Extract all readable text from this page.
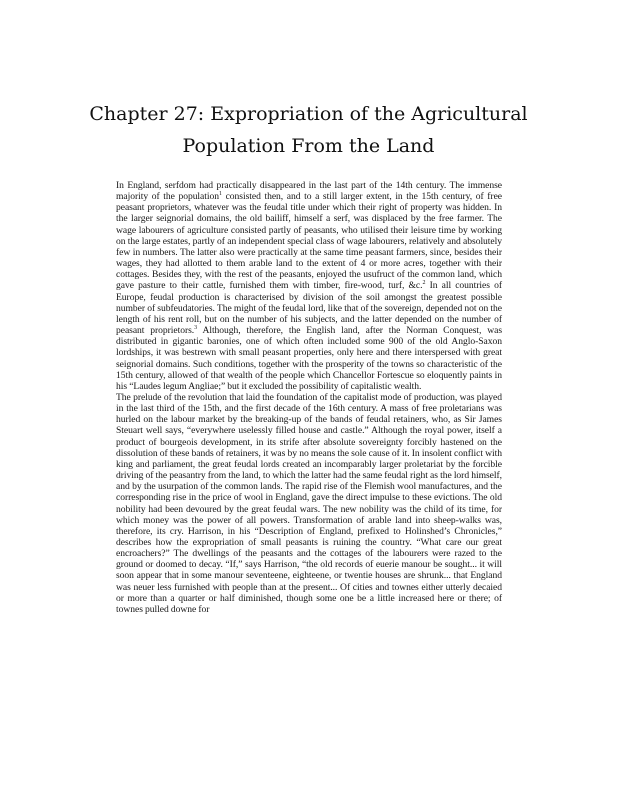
Chapter 27: Expropriation of the Agricultural
Population From the Land

In England, serfdom had practically disappeared in the last part of the 14th century. The immense majority of the population$^1$ consisted then, and to a still larger extent, in the 15th century, of free peasant proprietors, whatever was the feudal title under which their right of property was hidden. In the larger seignorial domains, the old bailiff, himself a serf, was displaced by the free farmer. The wage labourers of agriculture consisted partly of peasants, who utilised their leisure time by working on the large estates, partly of an independent special class of wage labourers, relatively and absolutely few in numbers. The latter also were practically at the same time peasant farmers, since, besides their wages, they had allotted to them arable land to the extent of 4 or more acres, together with their cottages. Besides they, with the rest of the peasants, enjoyed the usufruct of the common land, which gave pasture to their cattle, furnished them with timber, fire-wood, turf, &c.$^2$ In all countries of Europe, feudal production is characterised by division of the soil amongst the greatest possible number of subfeudatories. The might of the feudal lord, like that of the sovereign, depended not on the length of his rent roll, but on the number of his subjects, and the latter depended on the number of peasant proprietors.$^3$ Although, therefore, the English land, after the Norman Conquest, was distributed in gigantic baronies, one of which often included some 900 of the old Anglo-Saxon lordships, it was bestrewn with small peasant properties, only here and there interspersed with great seignorial domains. Such conditions, together with the prosperity of the towns so characteristic of the 15th century, allowed of that wealth of the people which Chancellor Fortescue so eloquently paints in his “Laudes legum Angliae;” but it excluded the possibility of capitalistic wealth.

The prelude of the revolution that laid the foundation of the capitalist mode of production, was played in the last third of the 15th, and the first decade of the 16th century. A mass of free proletarians was hurled on the labour market by the breaking-up of the bands of feudal retainers, who, as Sir James Steuart well says, “everywhere uselessly filled house and castle.” Although the royal power, itself a product of bourgeois development, in its strife after absolute sovereignty forcibly hastened on the dissolution of these bands of retainers, it was by no means the sole cause of it. In insolent conflict with king and parliament, the great feudal lords created an incomparably larger proletariat by the forcible driving of the peasantry from the land, to which the latter had the same feudal right as the lord himself, and by the usurpation of the common lands. The rapid rise of the Flemish wool manufactures, and the corresponding rise in the price of wool in England, gave the direct impulse to these evictions. The old nobility had been devoured by the great feudal wars. The new nobility was the child of its time, for which money was the power of all powers. Transformation of arable land into sheep-walks was, therefore, its cry. Harrison, in his “Description of England, prefixed to Holinshed’s Chronicles,” describes how the expropriation of small peasants is ruining the country. “What care our great encroachers?” The dwellings of the peasants and the cottages of the labourers were razed to the ground or doomed to decay. “If,” says Harrison, “the old records of euerie manour be sought... it will soon appear that in some manour seventeene, eighteene, or twentie houses are shrunk... that England was neuer less furnished with people than at the present... Of cities and townes either utterly decaied or more than a quarter or half diminished, though some one be a little increased here or there; of townes pulled downe for
